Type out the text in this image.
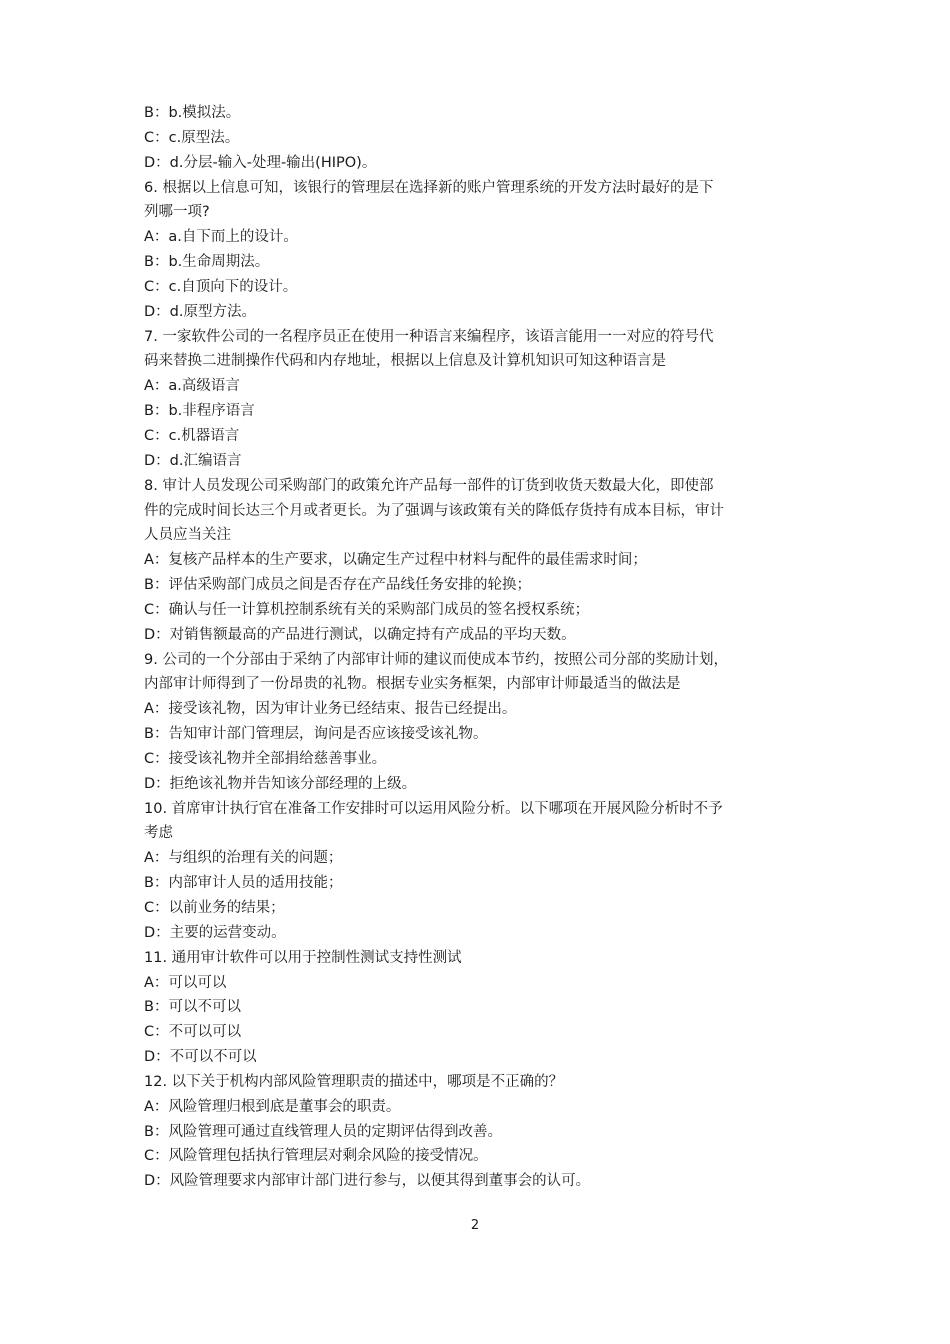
B：b.模拟法。
C：c.原型法。
D：d.分层-输入-处理-输出(HIPO)。
6. 根据以上信息可知，该银行的管理层在选择新的账户管理系统的开发方法时最好的是下
列哪一项?
A：a.自下而上的设计。
B：b.生命周期法。
C：c.自顶向下的设计。
D：d.原型方法。
7. 一家软件公司的一名程序员正在使用一种语言来编程序，该语言能用一一对应的符号代
码来替换二进制操作代码和内存地址，根据以上信息及计算机知识可知这种语言是
A：a.高级语言
B：b.非程序语言
C：c.机器语言
D：d.汇编语言
8. 审计人员发现公司采购部门的政策允许产品每一部件的订货到收货天数最大化，即使部
件的完成时间长达三个月或者更长。为了强调与该政策有关的降低存货持有成本目标，审计
人员应当关注
A：复核产品样本的生产要求，以确定生产过程中材料与配件的最佳需求时间；
B：评估采购部门成员之间是否存在产品线任务安排的轮换；
C：确认与任一计算机控制系统有关的采购部门成员的签名授权系统；
D：对销售额最高的产品进行测试，以确定持有产成品的平均天数。
9. 公司的一个分部由于采纳了内部审计师的建议而使成本节约，按照公司分部的奖励计划，
内部审计师得到了一份昂贵的礼物。根据专业实务框架，内部审计师最适当的做法是
A：接受该礼物，因为审计业务已经结束、报告已经提出。
B：告知审计部门管理层，询问是否应该接受该礼物。
C：接受该礼物并全部捐给慈善事业。
D：拒绝该礼物并告知该分部经理的上级。
10. 首席审计执行官在准备工作安排时可以运用风险分析。以下哪项在开展风险分析时不予
考虑
A：与组织的治理有关的问题；
B：内部审计人员的适用技能；
C：以前业务的结果；
D：主要的运营变动。
11. 通用审计软件可以用于控制性测试支持性测试
A：可以可以
B：可以不可以
C：不可以可以
D：不可以不可以
12. 以下关于机构内部风险管理职责的描述中，哪项是不正确的？
A：风险管理归根到底是董事会的职责。
B：风险管理可通过直线管理人员的定期评估得到改善。
C：风险管理包括执行管理层对剩余风险的接受情况。
D：风险管理要求内部审计部门进行参与，以便其得到董事会的认可。
2
